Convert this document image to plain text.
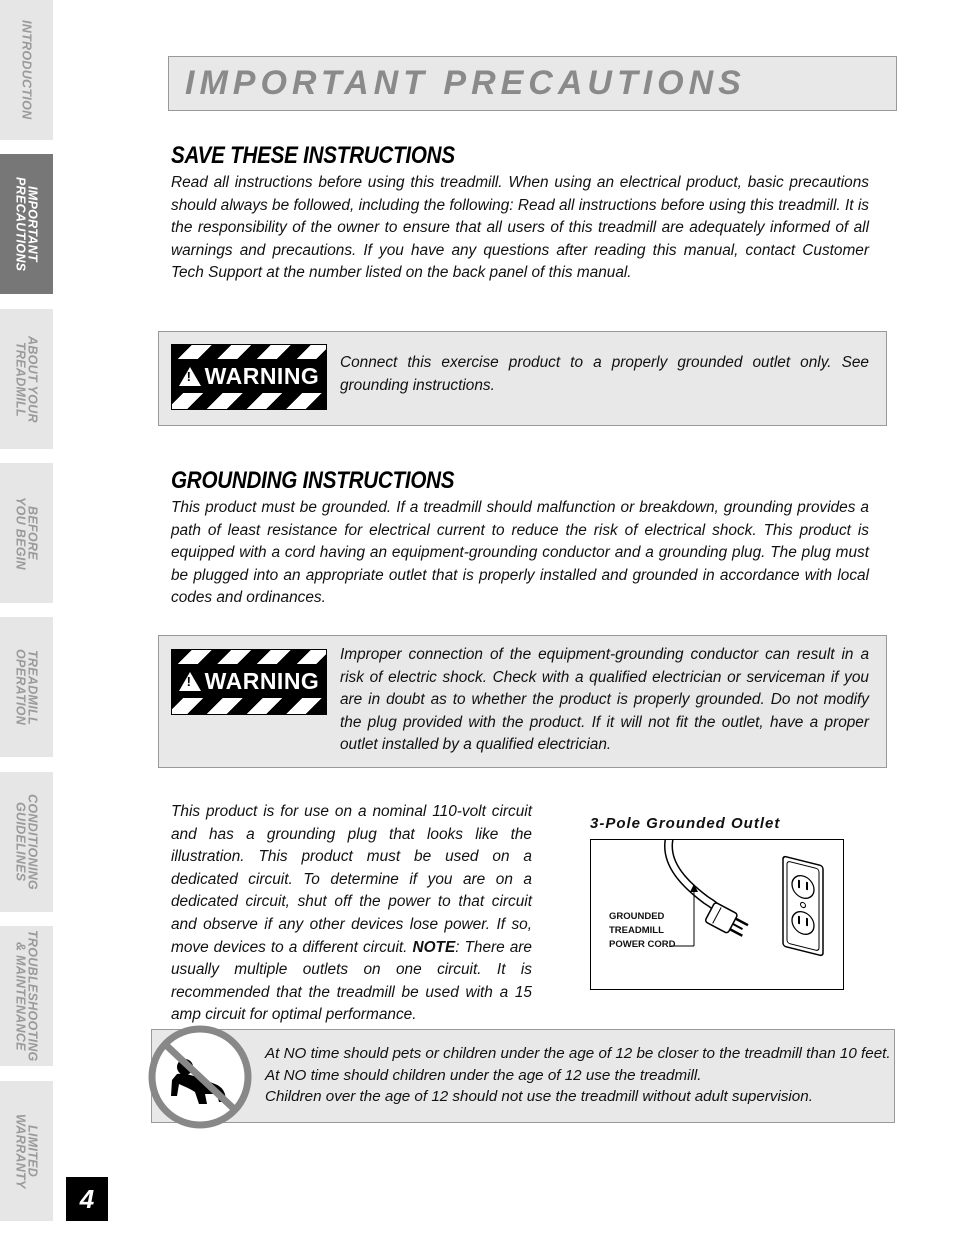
INTRODUCTION
IMPORTANT
PRECAUTIONS
ABOUT YOUR
TREADMILL
BEFORE
YOU BEGIN
TREADMILL
OPERATION
CONDITIONING
GUIDELINES
TROUBLESHOOTING
& MAINTENANCE
LIMITED
WARRANTY
4
IMPORTANT PRECAUTIONS
SAVE THESE INSTRUCTIONS
Read all instructions before using this treadmill. When using an electrical product, basic precautions should always be followed, including the following: Read all instructions before using this treadmill. It is the responsibility of the owner to ensure that all users of this treadmill are adequately informed of all warnings and precautions. If you have any questions after reading this manual, contact Customer Tech Support at the number listed on the back panel of this manual.
! WARNING Connect this exercise product to a properly grounded outlet only. See grounding instructions.
GROUNDING INSTRUCTIONS
This product must be grounded. If a treadmill should malfunction or breakdown, grounding provides a path of least resistance for electrical current to reduce the risk of electrical shock. This product is equipped with a cord having an equipment-grounding conductor and a grounding plug. The plug must be plugged into an appropriate outlet that is properly installed and grounded in accordance with local codes and ordinances.
! WARNING
Improper connection of the equipment-grounding conductor can result in a risk of electric shock. Check with a qualified electrician or serviceman if you are in doubt as to whether the product is properly grounded. Do not modify the plug provided with the product. If it will not fit the outlet, have a proper outlet installed by a qualified electrician.
This product is for use on a nominal 110-volt circuit and has a grounding plug that looks like the illustration. This product must be used on a dedicated circuit. To determine if you are on a dedicated circuit, shut off the power to that circuit and observe if any other devices lose power. If so, move devices to a different circuit. NOTE: There are usually multiple outlets on one circuit. It is recommended that the treadmill be used with a 15 amp circuit for optimal performance.
3-Pole Grounded Outlet
GROUNDED
TREADMILL
POWER CORD
At NO time should pets or children under the age of 12 be closer to the treadmill than 10 feet.
At NO time should children under the age of 12 use the treadmill.
Children over the age of 12 should not use the treadmill without adult supervision.
